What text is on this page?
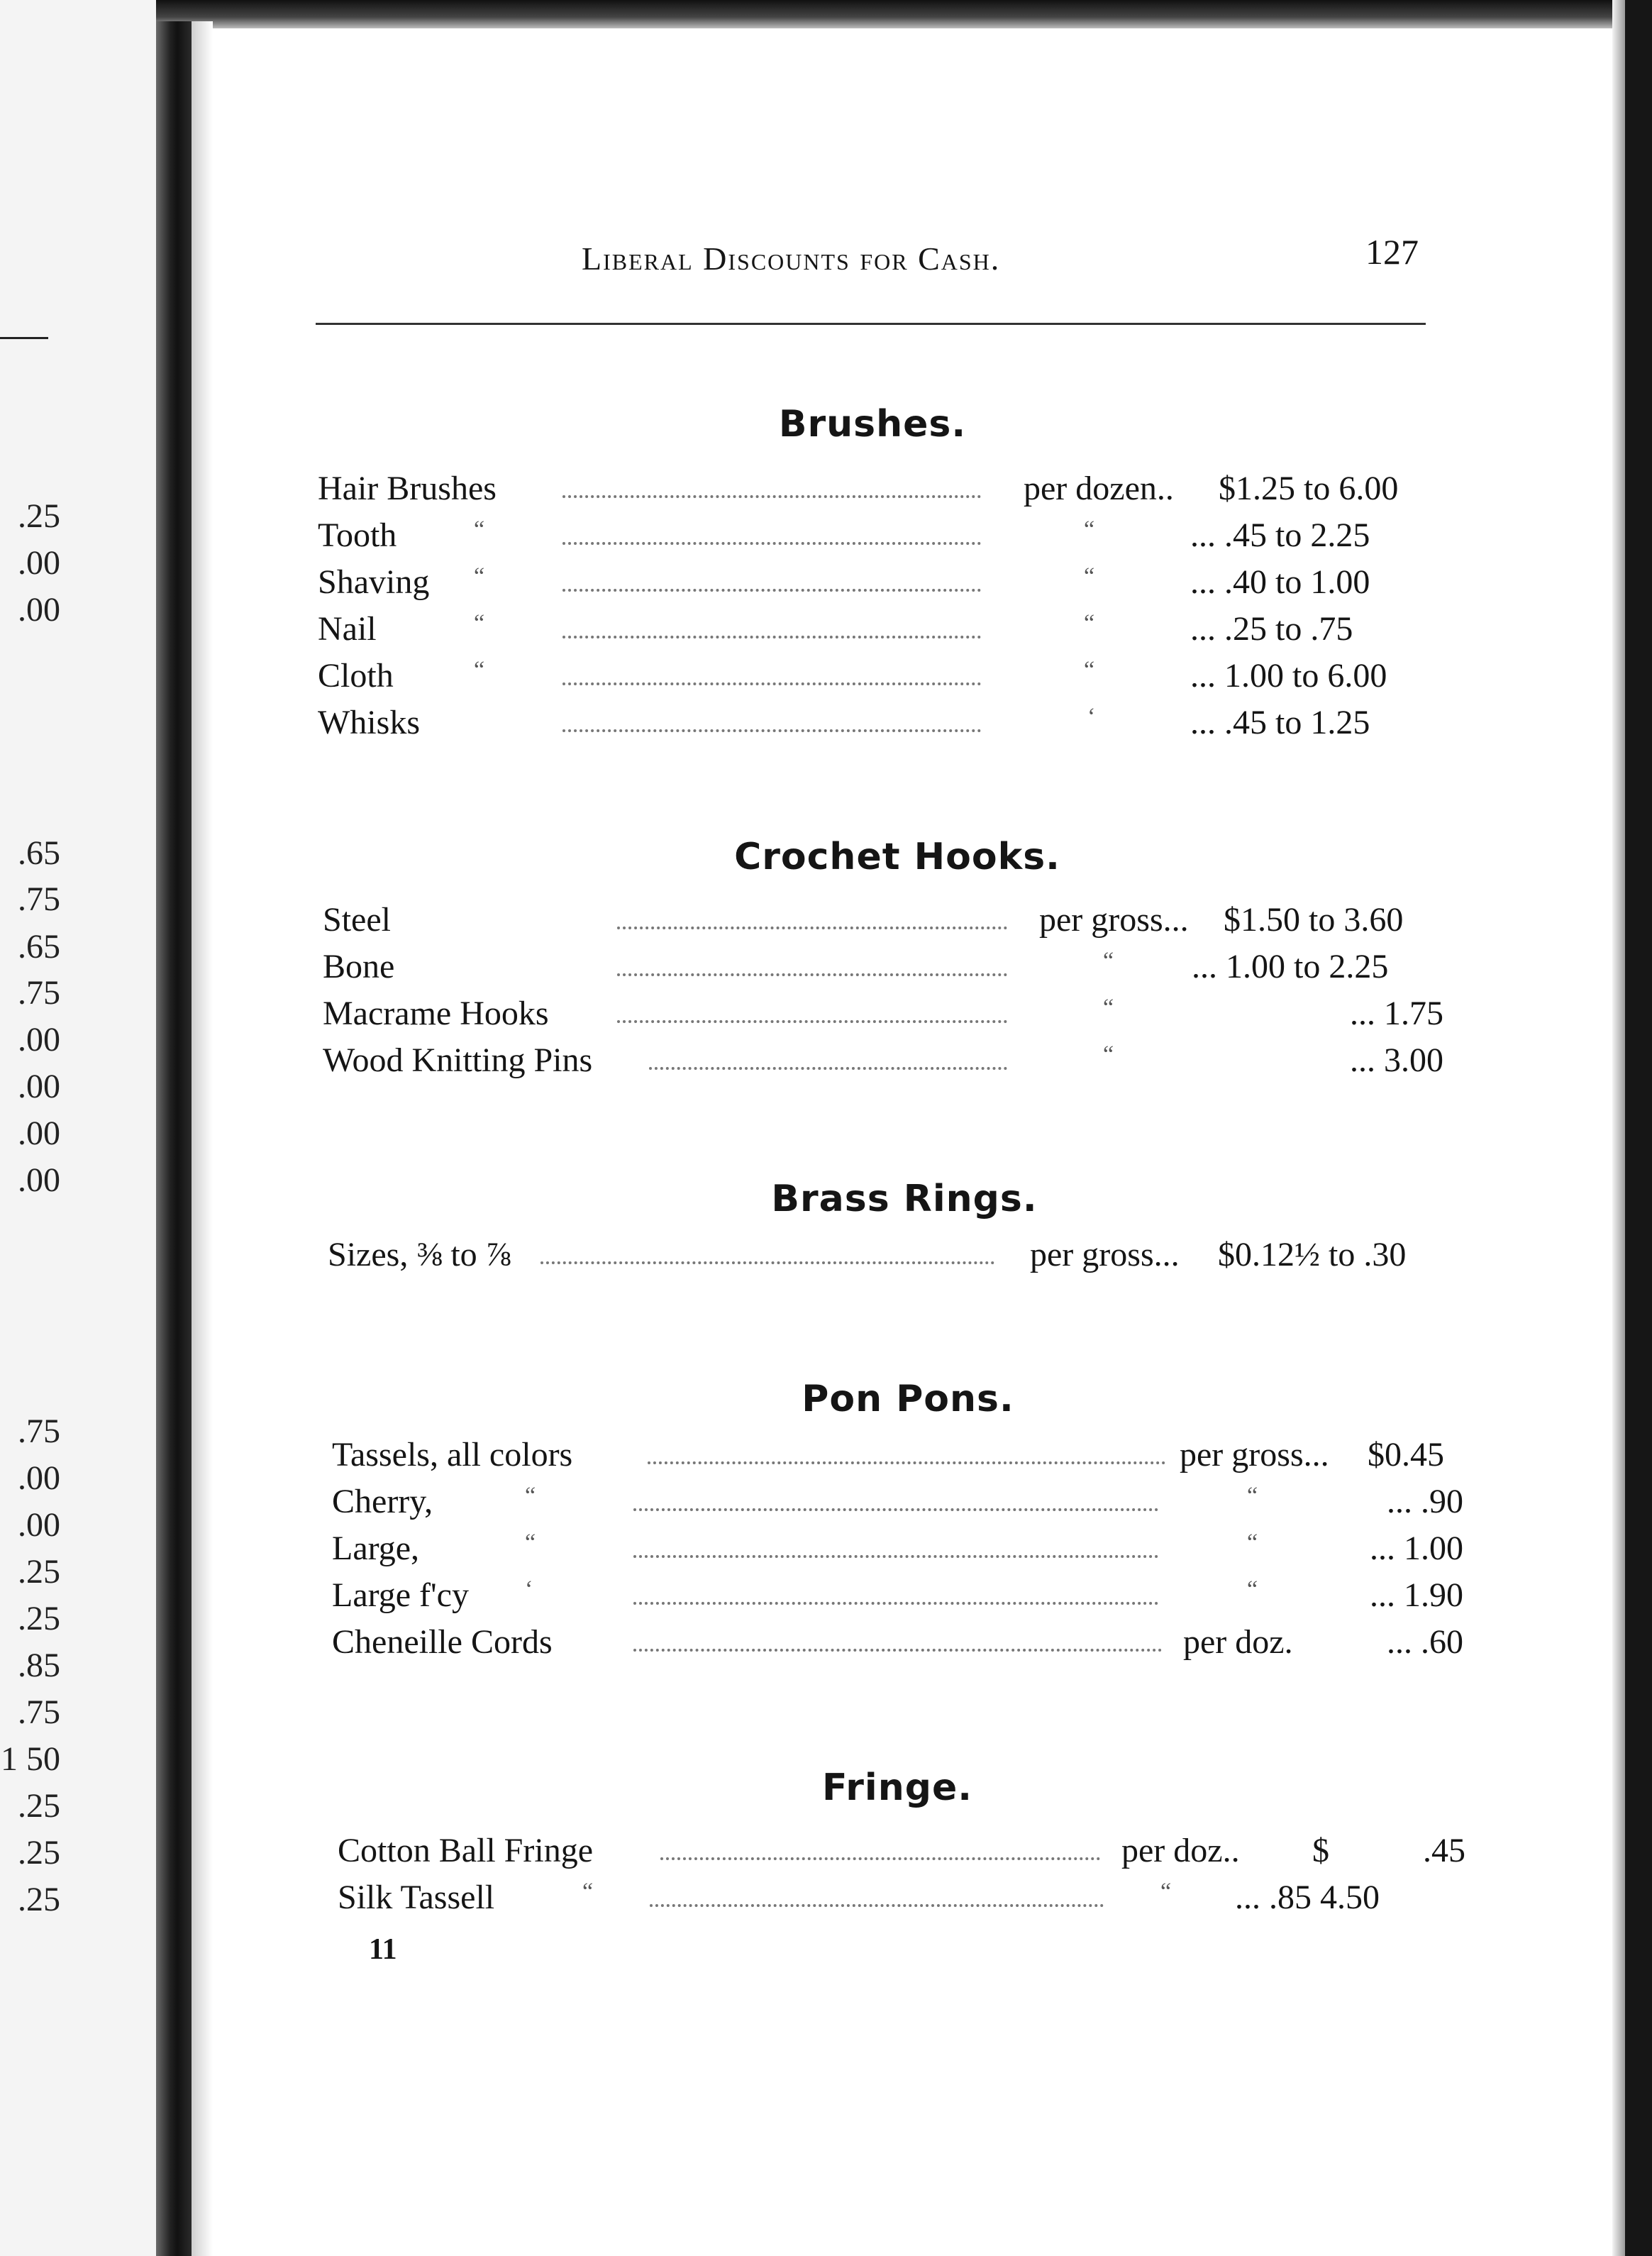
.25
.00
.00
.65
.75
.65
.75
.00
.00
.00
.00
.75
.00
.00
.25
.25
.85
.75
1 50
.25
.25
.25
Liberal Discounts for Cash.	127
Brushes.
Hair Brushes	per dozen.. $1.25 to 6.00
Tooth	“	“	... .45 to 2.25
Shaving “	“	... .40 to 1.00
Nail	“	“	... .25 to .75
Cloth	“	“	... 1.00 to 6.00
Whisks	‘	... .45 to 1.25
Crochet Hooks.
Steel	per gross... $1.50 to 3.60
Bone	“ ... 1.00 to 2.25
Macrame Hooks	“	... 1.75
Wood Knitting Pins	“	... 3.00
Brass Rings.
Sizes, ⅜ to ⅞	per gross... $0.12½ to .30
Pon Pons.
Tassels, all colors	per gross... $0.45
Cherry,	“	“	... .90
Large,	“	“	... 1.00
Large f'cy ‘	“	... 1.90
Cheneille Cords	per doz.	... .60
Fringe.
Cotton Ball Fringe	per doz..	$ .45
Silk Tassell	“	“ ... .85 4.50
11
